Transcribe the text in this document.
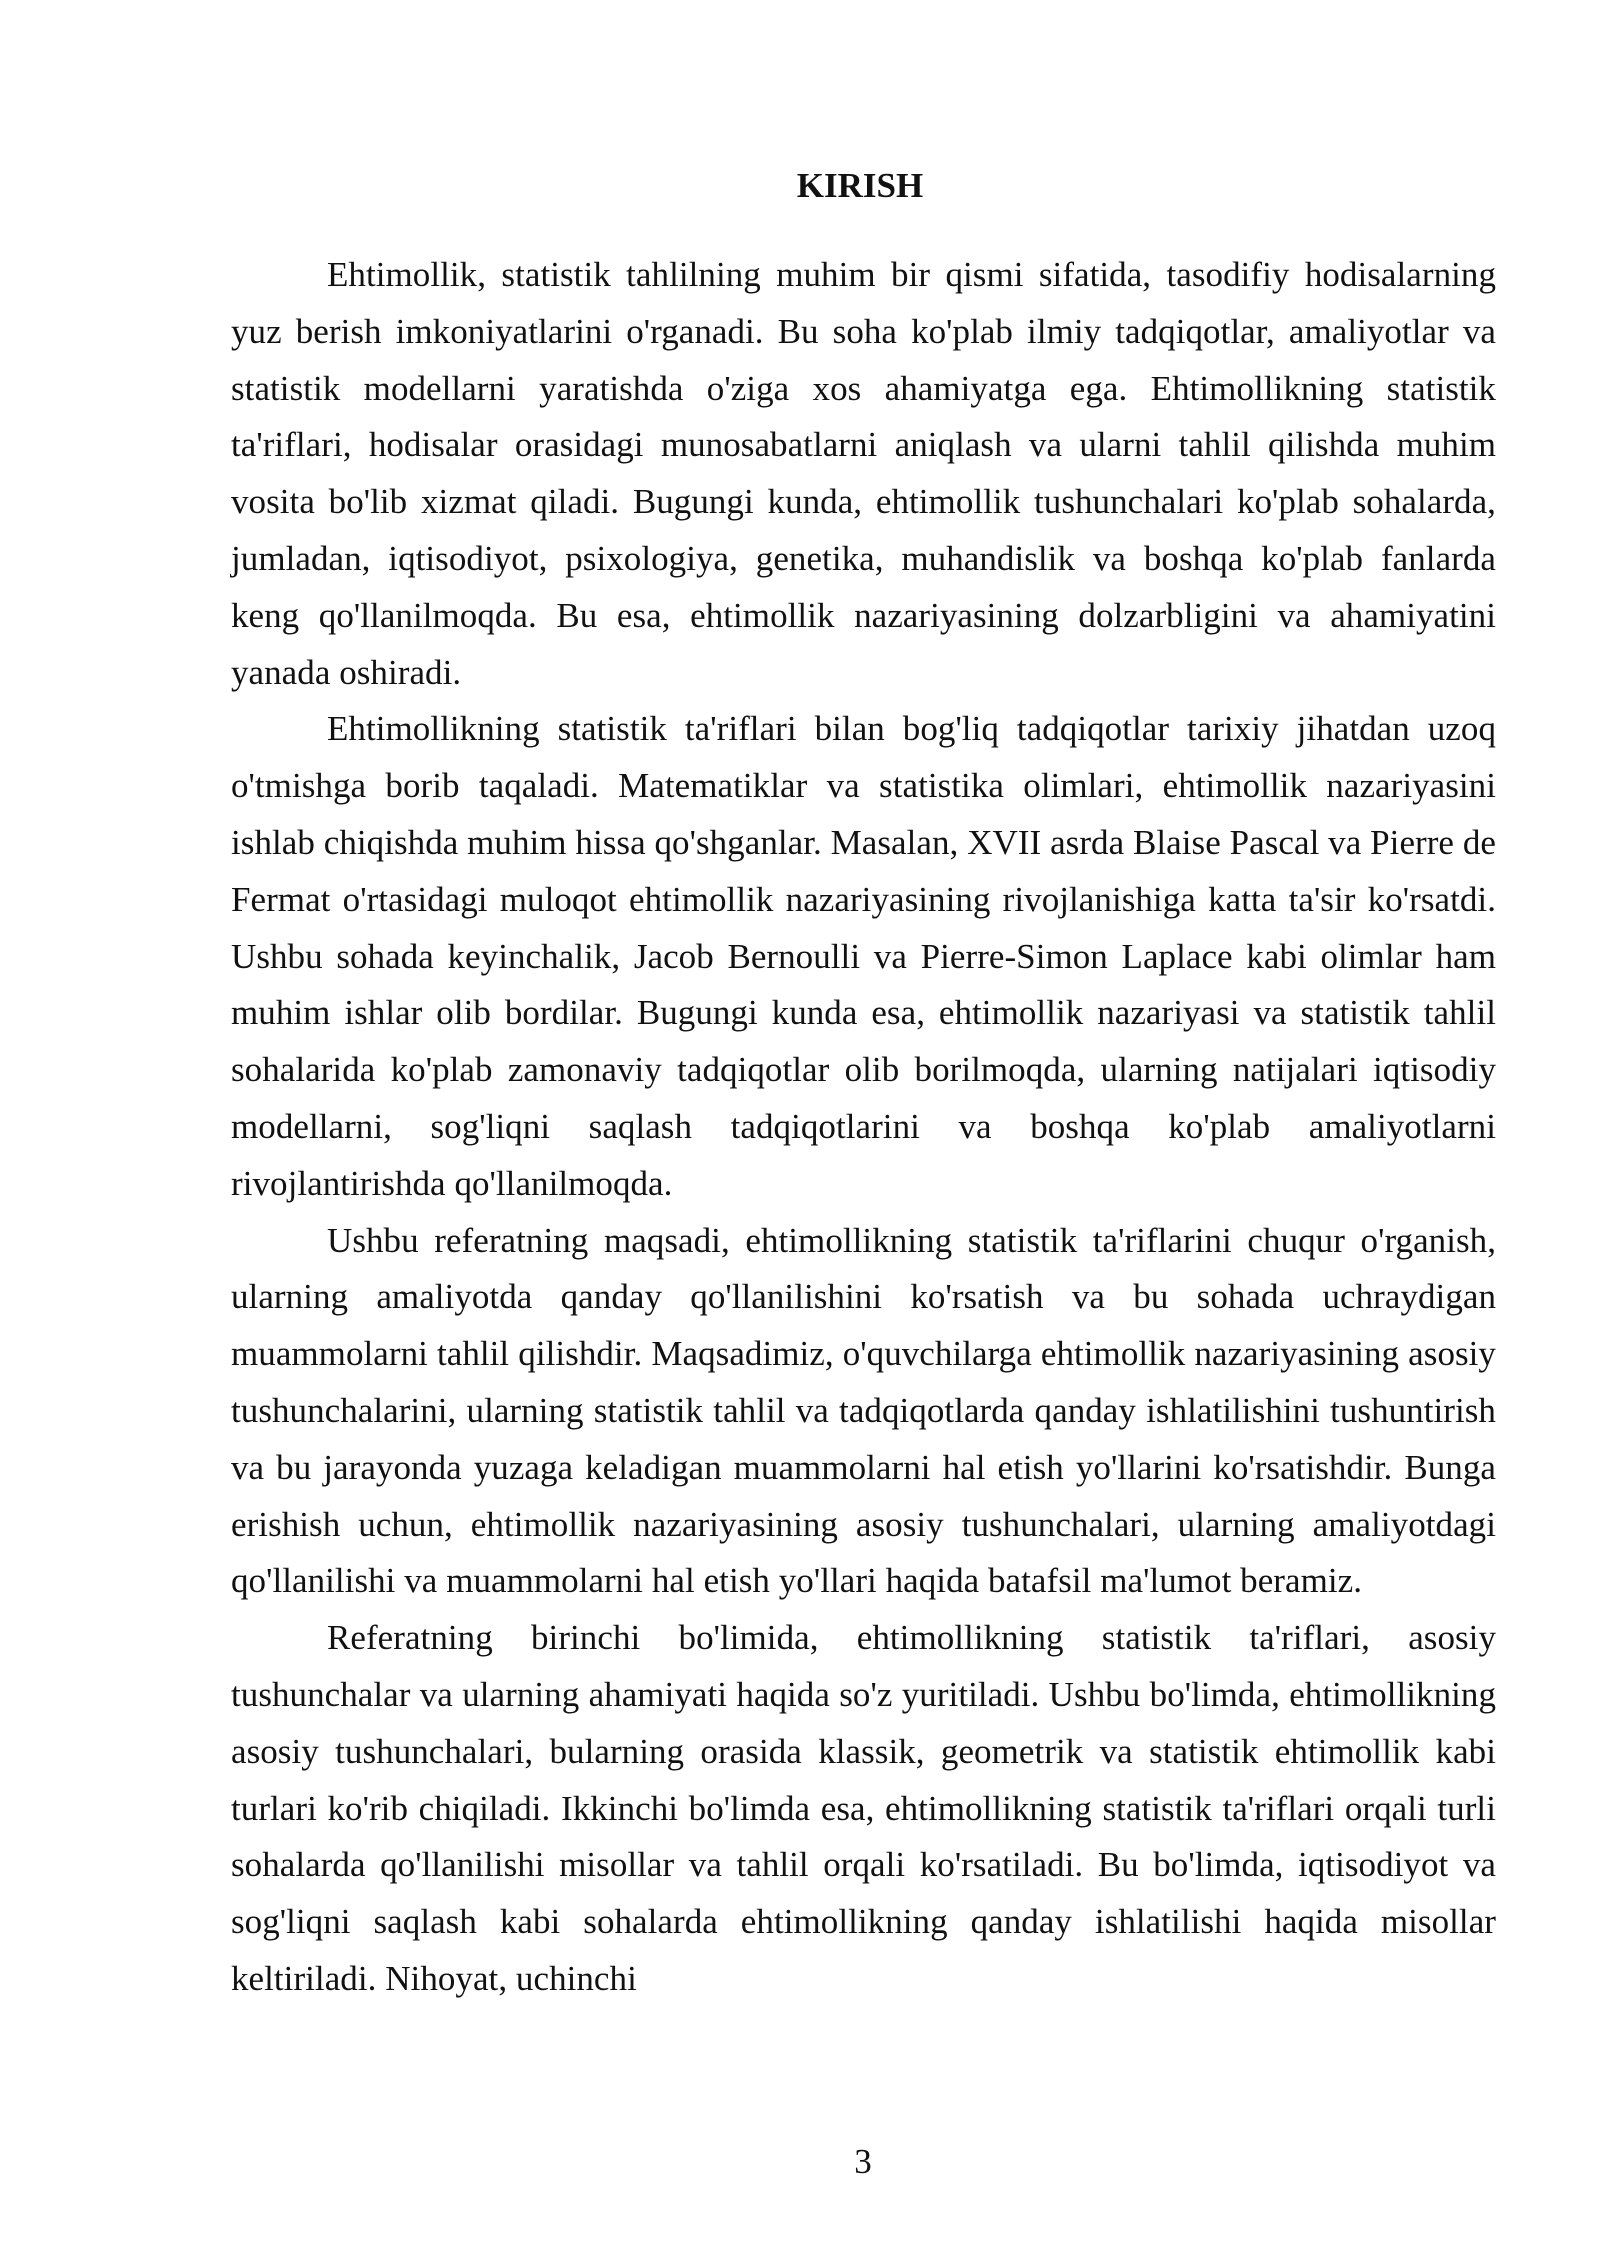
KIRISH

Ehtimollik, statistik tahlilning muhim bir qismi sifatida, tasodifiy hodisalarning yuz berish imkoniyatlarini o'rganadi. Bu soha ko'plab ilmiy tadqiqotlar, amaliyotlar va statistik modellarni yaratishda o'ziga xos ahamiyatga ega. Ehtimollikning statistik ta'riflari, hodisalar orasidagi munosabatlarni aniqlash va ularni tahlil qilishda muhim vosita bo'lib xizmat qiladi. Bugungi kunda, ehtimollik tushunchalari ko'plab sohalarda, jumladan, iqtisodiyot, psixologiya, genetika, muhandislik va boshqa ko'plab fanlarda keng qo'llanilmoqda. Bu esa, ehtimollik nazariyasining dolzarbligini va ahamiyatini yanada oshiradi.

Ehtimollikning statistik ta'riflari bilan bog'liq tadqiqotlar tarixiy jihatdan uzoq o'tmishga borib taqaladi. Matematiklar va statistika olimlari, ehtimollik nazariyasini ishlab chiqishda muhim hissa qo'shganlar. Masalan, XVII asrda Blaise Pascal va Pierre de Fermat o'rtasidagi muloqot ehtimollik nazariyasining rivojlanishiga katta ta'sir ko'rsatdi. Ushbu sohada keyinchalik, Jacob Bernoulli va Pierre-Simon Laplace kabi olimlar ham muhim ishlar olib bordilar. Bugungi kunda esa, ehtimollik nazariyasi va statistik tahlil sohalarida ko'plab zamonaviy tadqiqotlar olib borilmoqda, ularning natijalari iqtisodiy modellarni, sog'liqni saqlash tadqiqotlarini va boshqa ko'plab amaliyotlarni rivojlantirishda qo'llanilmoqda.

Ushbu referatning maqsadi, ehtimollikning statistik ta'riflarini chuqur o'rganish, ularning amaliyotda qanday qo'llanilishini ko'rsatish va bu sohada uchraydigan muammolarni tahlil qilishdir. Maqsadimiz, o'quvchilarga ehtimollik nazariyasining asosiy tushunchalarini, ularning statistik tahlil va tadqiqotlarda qanday ishlatilishini tushuntirish va bu jarayonda yuzaga keladigan muammolarni hal etish yo'llarini ko'rsatishdir. Bunga erishish uchun, ehtimollik nazariyasining asosiy tushunchalari, ularning amaliyotdagi qo'llanilishi va muammolarni hal etish yo'llari haqida batafsil ma'lumot beramiz.

Referatning birinchi bo'limida, ehtimollikning statistik ta'riflari, asosiy tushunchalar va ularning ahamiyati haqida so'z yuritiladi. Ushbu bo'limda, ehtimollikning asosiy tushunchalari, bularning orasida klassik, geometrik va statistik ehtimollik kabi turlari ko'rib chiqiladi. Ikkinchi bo'limda esa, ehtimollikning statistik ta'riflari orqali turli sohalarda qo'llanilishi misollar va tahlil orqali ko'rsatiladi. Bu bo'limda, iqtisodiyot va sog'liqni saqlash kabi sohalarda ehtimollikning qanday ishlatilishi haqida misollar keltiriladi. Nihoyat, uchinchi

3
